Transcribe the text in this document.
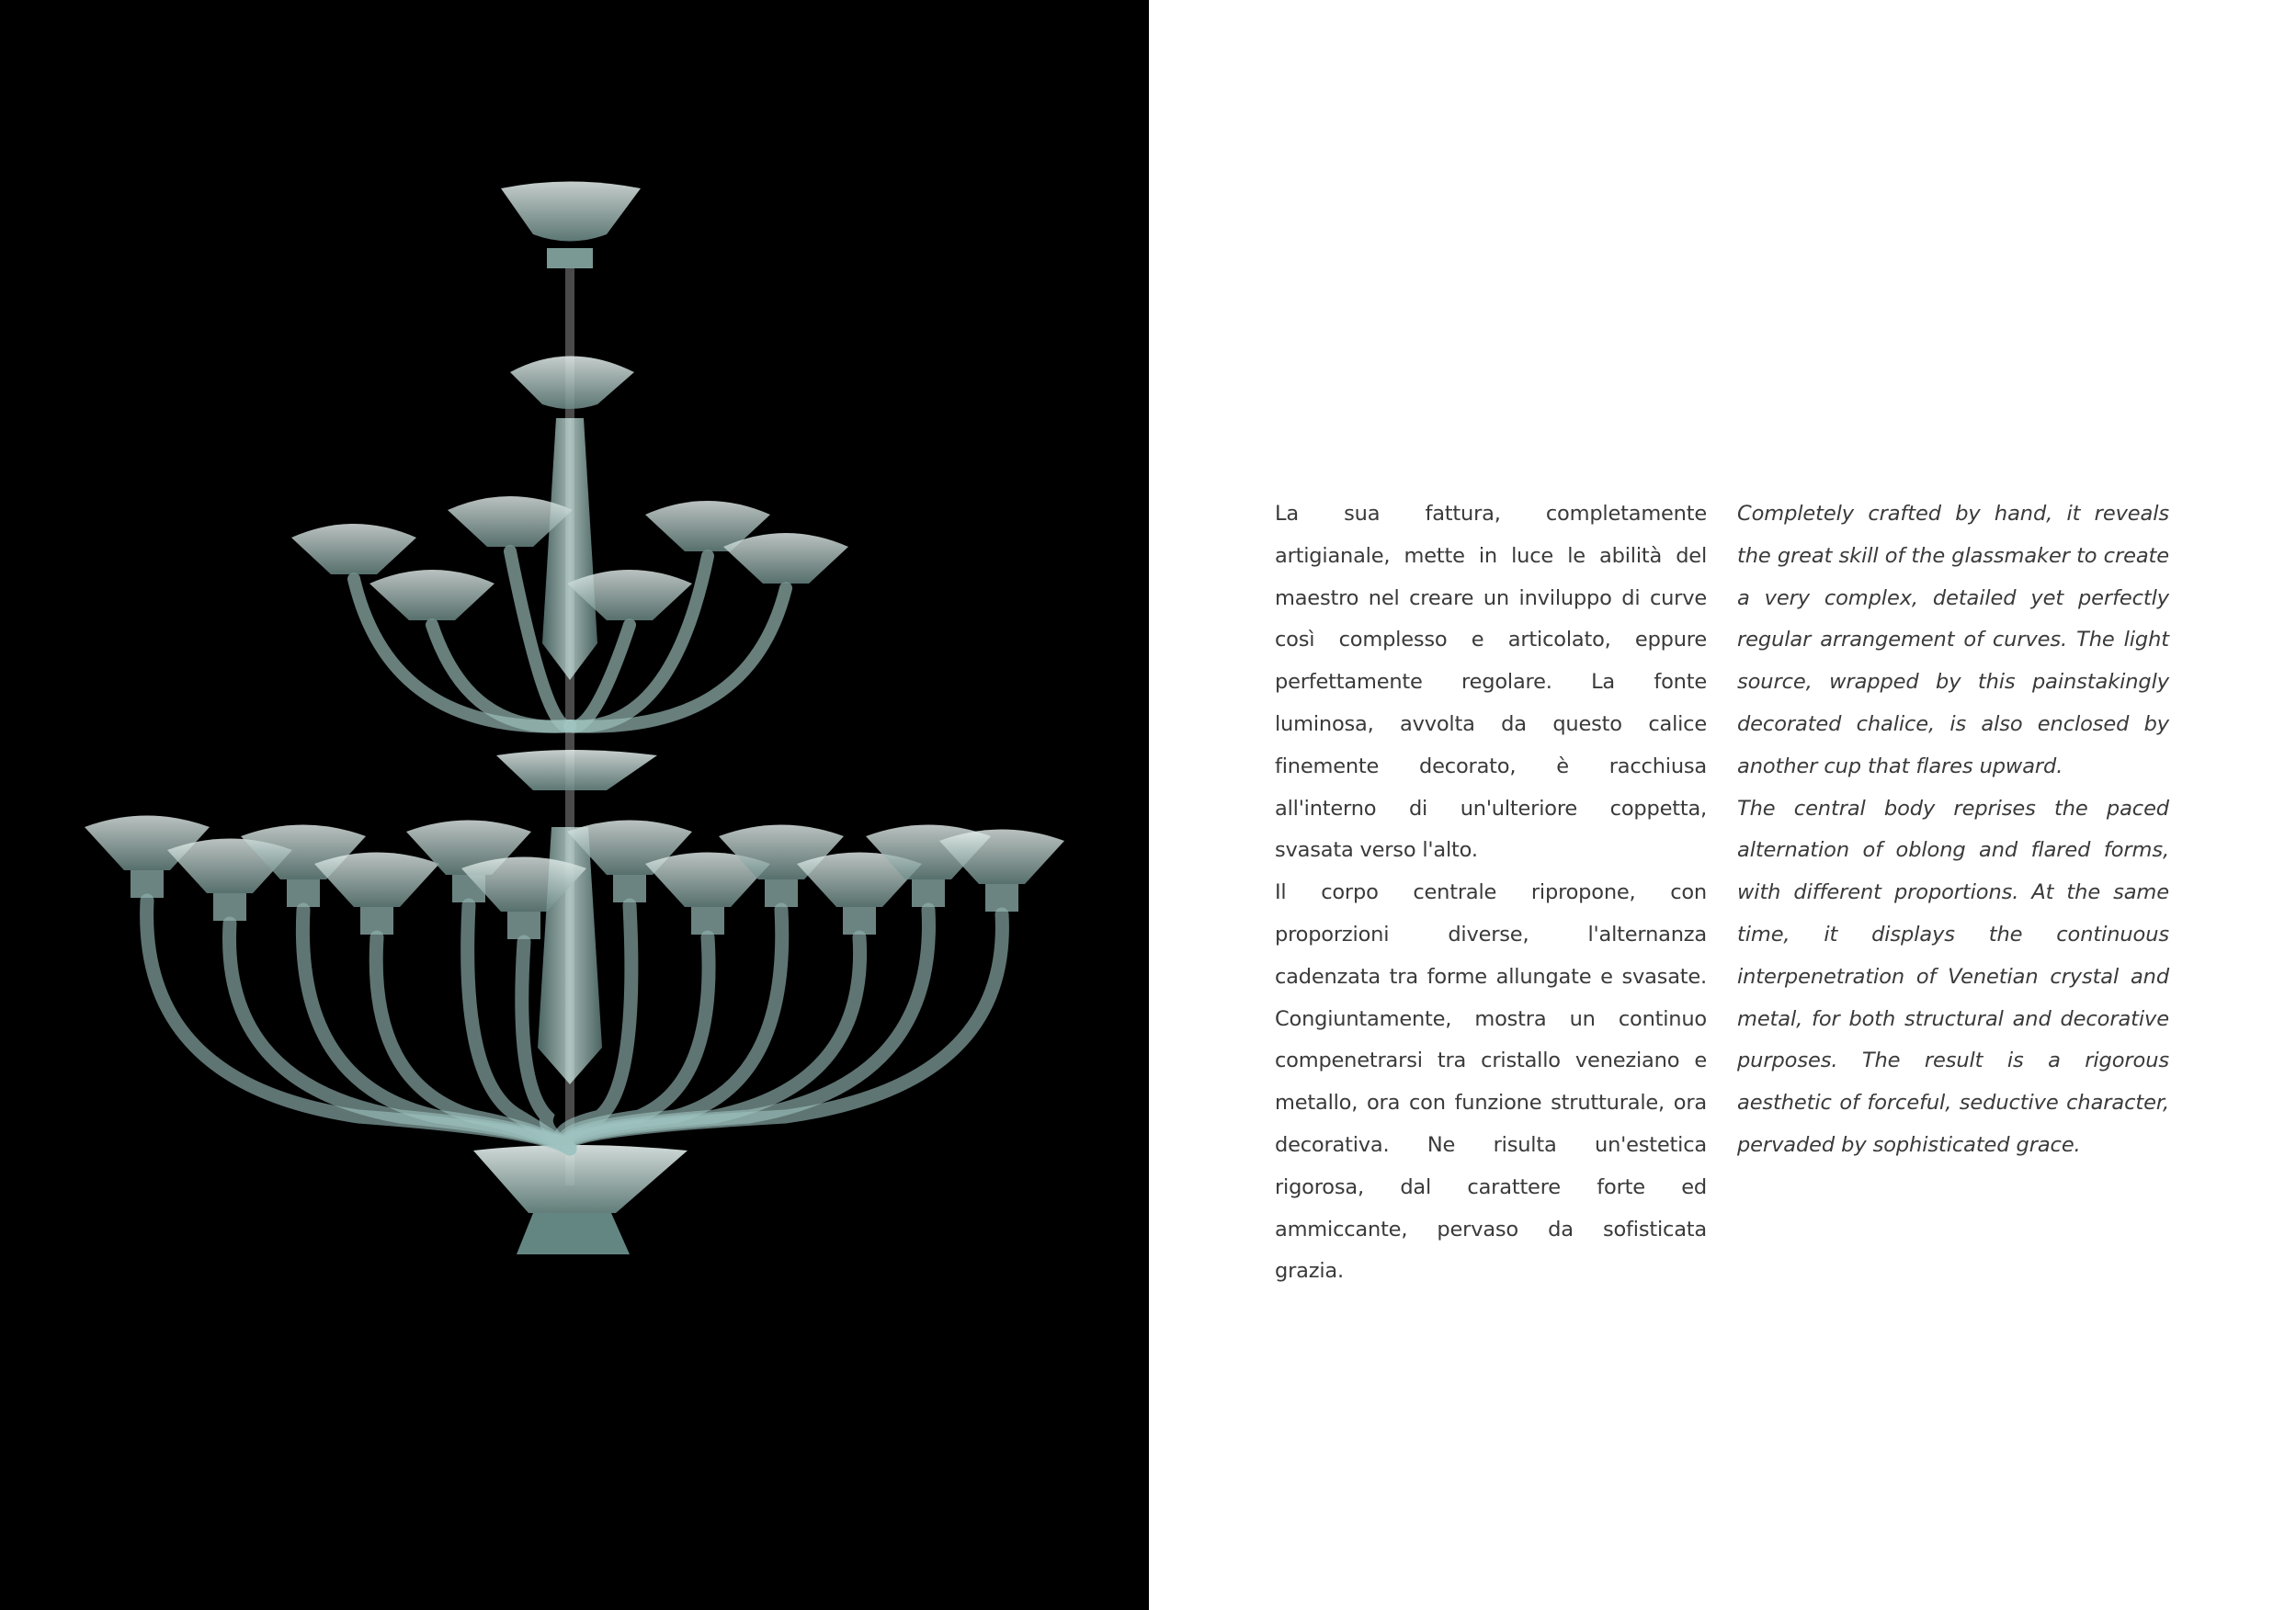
La sua fattura, completamente artigianale, mette in luce le abilità del maestro nel creare un inviluppo di curve così complesso e articolato, eppure perfettamente regolare. La fonte luminosa, avvolta da questo calice finemente decorato, è racchiusa all'interno di un'ulteriore coppetta, svasata verso l'alto.

Il corpo centrale ripropone, con proporzioni diverse, l'alternanza cadenzata tra forme allungate e svasate. Congiuntamente, mostra un continuo compenetrarsi tra cristallo veneziano e metallo, ora con funzione strutturale, ora decorativa. Ne risulta un'estetica rigorosa, dal carattere forte ed ammiccante, pervaso da sofisticata grazia.

Completely crafted by hand, it reveals the great skill of the glassmaker to create a very complex, detailed yet perfectly regular arrangement of curves. The light source, wrapped by this painstakingly decorated chalice, is also enclosed by another cup that flares upward.

The central body reprises the paced alternation of oblong and flared forms, with different proportions. At the same time, it displays the continuous interpenetration of Venetian crystal and metal, for both structural and decorative purposes. The result is a rigorous aesthetic of forceful, seductive character, pervaded by sophisticated grace.
